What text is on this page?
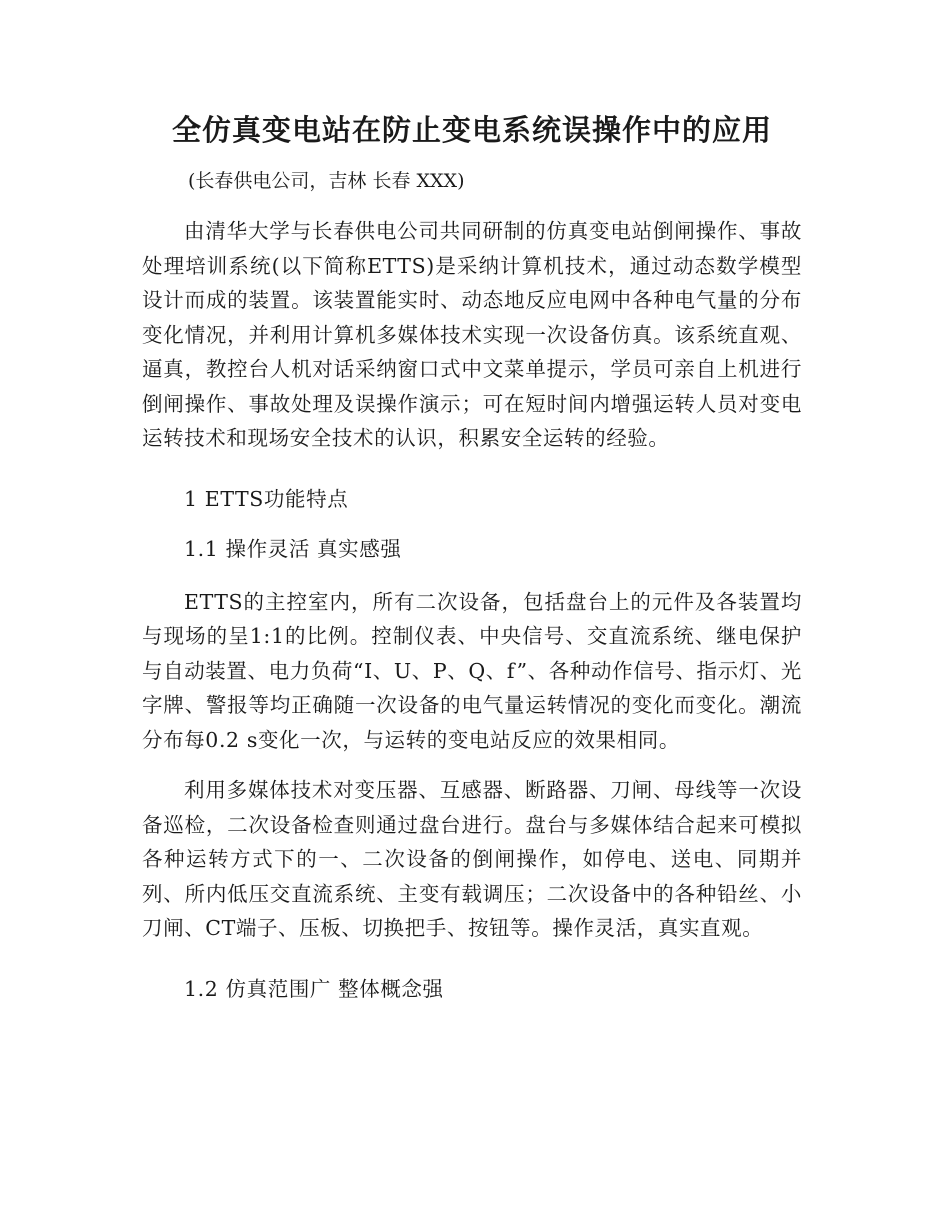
全仿真变电站在防止变电系统误操作中的应用

(长春供电公司，吉林 长春 XXX)

由清华大学与长春供电公司共同研制的仿真变电站倒闸操作、事故处理培训系统(以下简称ETTS)是采纳计算机技术，通过动态数学模型设计而成的装置。该装置能实时、动态地反应电网中各种电气量的分布变化情况，并利用计算机多媒体技术实现一次设备仿真。该系统直观、逼真，教控台人机对话采纳窗口式中文菜单提示，学员可亲自上机进行倒闸操作、事故处理及误操作演示；可在短时间内增强运转人员对变电运转技术和现场安全技术的认识，积累安全运转的经验。

1 ETTS功能特点

1.1 操作灵活 真实感强

ETTS的主控室内，所有二次设备，包括盘台上的元件及各装置均与现场的呈1:1的比例。控制仪表、中央信号、交直流系统、继电保护与自动装置、电力负荷“I、U、P、Q、f”、各种动作信号、指示灯、光字牌、警报等均正确随一次设备的电气量运转情况的变化而变化。潮流分布每0.2 s变化一次，与运转的变电站反应的效果相同。

利用多媒体技术对变压器、互感器、断路器、刀闸、母线等一次设备巡检，二次设备检查则通过盘台进行。盘台与多媒体结合起来可模拟各种运转方式下的一、二次设备的倒闸操作，如停电、送电、同期并列、所内低压交直流系统、主变有载调压；二次设备中的各种铅丝、小刀闸、CT端子、压板、切换把手、按钮等。操作灵活，真实直观。

1.2 仿真范围广 整体概念强
